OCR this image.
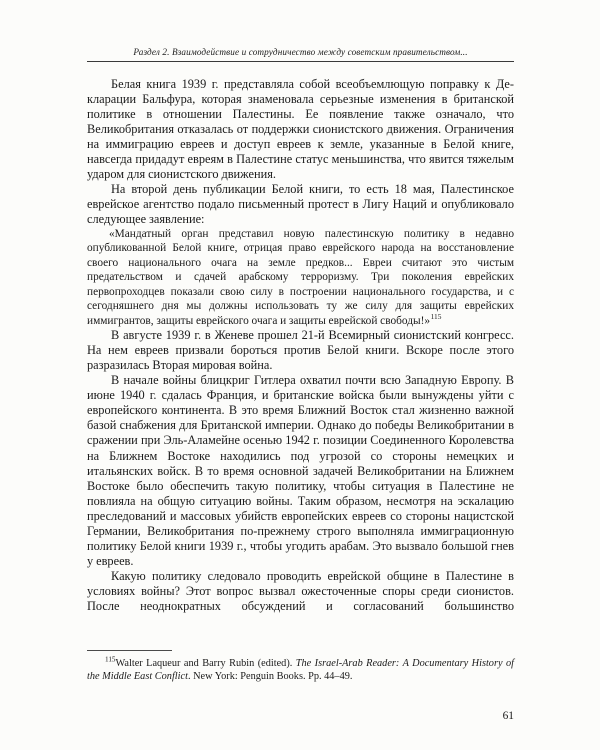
Раздел 2. Взаимодействие и сотрудничество между советским правительством...

Белая книга 1939 г. представляла собой всеобъемлющую поправку к Декларации Бальфура, которая знаменовала серьезные изменения в британской политике в отношении Палестины. Ее появление также означало, что Великобритания отказалась от поддержки сионистского движения. Ограничения на иммиграцию евреев и доступ евреев к земле, указанные в Белой книге, навсегда придадут евреям в Палестине статус меньшинства, что явится тяжелым ударом для сионистского движения.

На второй день публикации Белой книги, то есть 18 мая, Палестинское еврейское агентство подало письменный протест в Лигу Наций и опубликовало следующее заявление:

«Мандатный орган представил новую палестинскую политику в недавно опубликованной Белой книге, отрицая право еврейского народа на восстановление своего национального очага на земле предков... Евреи считают это чистым предательством и сдачей арабскому терроризму. Три поколения еврейских первопроходцев показали свою силу в построении национального государства, и с сегодняшнего дня мы должны использовать ту же силу для защиты еврейских иммигрантов, защиты еврейского очага и защиты еврейской свободы!»$^{115}$

В августе 1939 г. в Женеве прошел 21-й Всемирный сионистский конгресс. На нем евреев призвали бороться против Белой книги. Вскоре после этого разразилась Вторая мировая война.

В начале войны блицкриг Гитлера охватил почти всю Западную Европу. В июне 1940 г. сдалась Франция, и британские войска были вынуждены уйти с европейского континента. В это время Ближний Восток стал жизненно важной базой снабжения для Британской империи. Однако до победы Великобритании в сражении при Эль-Аламейне осенью 1942 г. позиции Соединенного Королевства на Ближнем Востоке находились под угрозой со стороны немецких и итальянских войск. В то время основной задачей Великобритании на Ближнем Востоке было обеспечить такую политику, чтобы ситуация в Палестине не повлияла на общую ситуацию войны. Таким образом, несмотря на эскалацию преследований и массовых убийств европейских евреев со стороны нацистской Германии, Великобритания по-прежнему строго выполняла иммиграционную политику Белой книги 1939 г., чтобы угодить арабам. Это вызвало большой гнев у евреев.

Какую политику следовало проводить еврейской общине в Палестине в условиях войны? Этот вопрос вызвал ожесточенные споры среди сионистов. После неоднократных обсуждений и согласований большинство

$^{115}$Walter Laqueur and Barry Rubin (edited). The Israel-Arab Reader: A Documentary History of the Middle East Conflict. New York: Penguin Books. Pp. 44–49.

61
